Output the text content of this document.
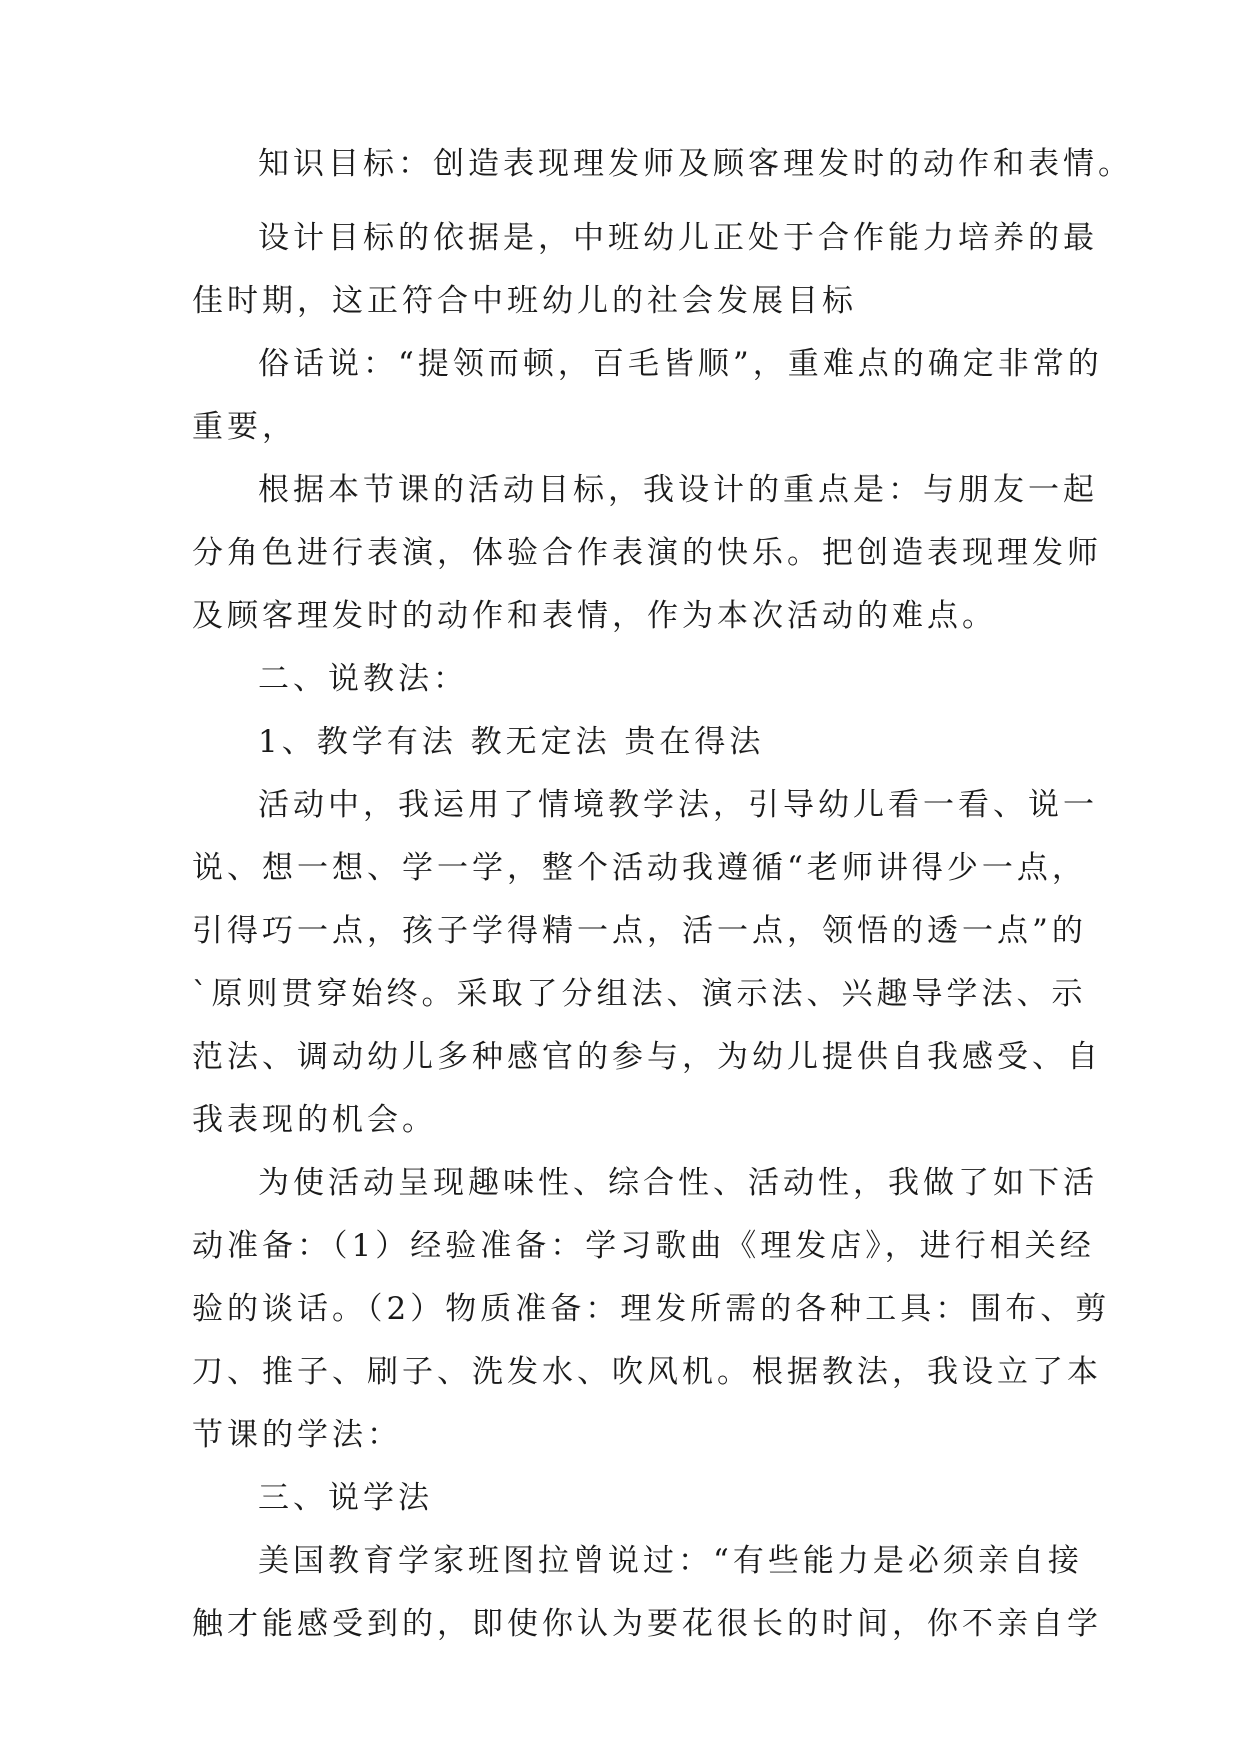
知识目标：创造表现理发师及顾客理发时的动作和表情。
设计目标的依据是，中班幼儿正处于合作能力培养的最
佳时期，这正符合中班幼儿的社会发展目标
俗话说：“提领而顿，百毛皆顺”，重难点的确定非常的
重要，
根据本节课的活动目标，我设计的重点是：与朋友一起
分角色进行表演，体验合作表演的快乐。把创造表现理发师
及顾客理发时的动作和表情，作为本次活动的难点。
二、说教法：
1、教学有法 教无定法 贵在得法
活动中，我运用了情境教学法，引导幼儿看一看、说一
说、想一想、学一学，整个活动我遵循“老师讲得少一点，
引得巧一点，孩子学得精一点，活一点，领悟的透一点”的
`原则贯穿始终。采取了分组法、演示法、兴趣导学法、示
范法、调动幼儿多种感官的参与，为幼儿提供自我感受、自
我表现的机会。
为使活动呈现趣味性、综合性、活动性，我做了如下活
动准备：（1）经验准备：学习歌曲《理发店》，进行相关经
验的谈话。（2）物质准备：理发所需的各种工具：围布、剪
刀、推子、刷子、洗发水、吹风机。根据教法，我设立了本
节课的学法：
三、说学法
美国教育学家班图拉曾说过：“有些能力是必须亲自接
触才能感受到的，即使你认为要花很长的时间，你不亲自学
